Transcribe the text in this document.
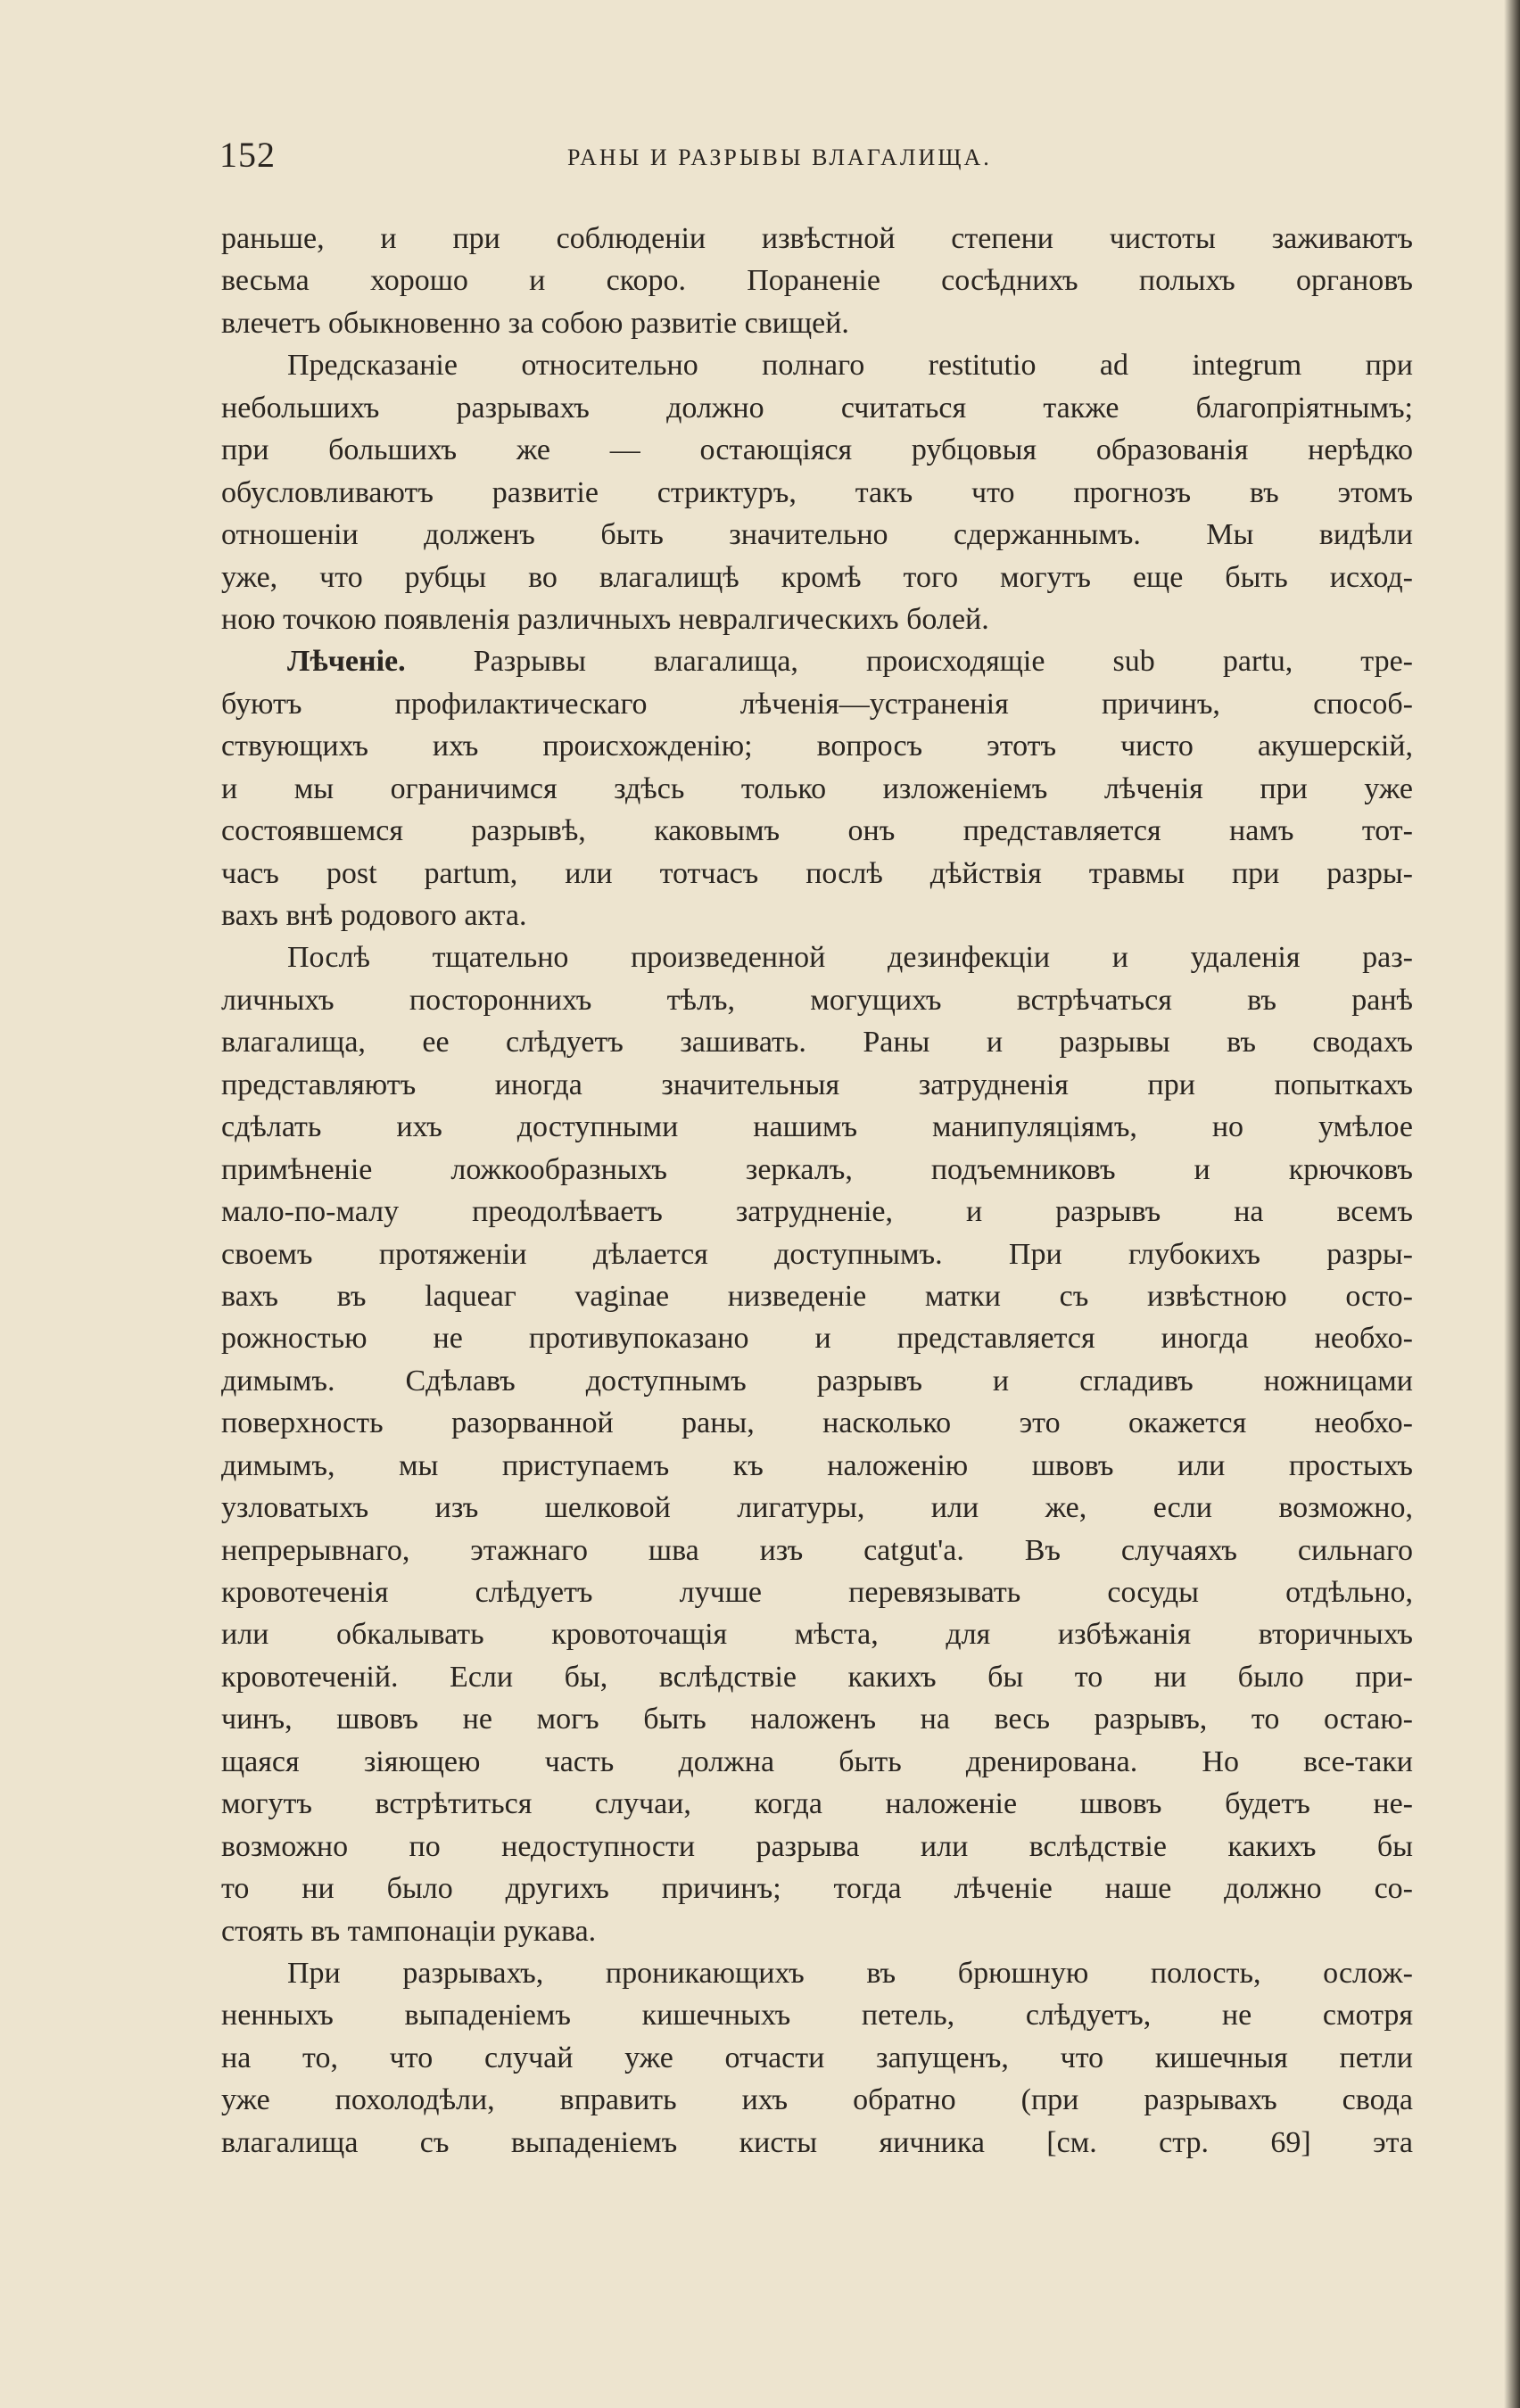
152	РАНЫ И РАЗРЫВЫ ВЛАГАЛИЩА.
раньше, и при соблюденіи извѣстной степени чистоты заживаютъ
весьма хорошо и скоро. Пораненіе сосѣднихъ полыхъ органовъ
влечетъ обыкновенно за собою развитіе свищей.
Предсказаніе относительно полнаго restitutio ad integrum при
небольшихъ разрывахъ должно считаться также благопріятнымъ;
при большихъ же — остающіяся рубцовыя образованія нерѣдко
обусловливаютъ развитіе стриктуръ, такъ что прогнозъ въ этомъ
отношеніи долженъ быть значительно сдержаннымъ. Мы видѣли
уже, что рубцы во влагалищѣ кромѣ того могутъ еще быть исход-
ною точкою появленія различныхъ невралгическихъ болей.
Лѣченіе. Разрывы влагалища, происходящіе sub partu, тре-
буютъ профилактическаго лѣченія—устраненія причинъ, способ-
ствующихъ ихъ происхожденію; вопросъ этотъ чисто акушерскій,
и мы ограничимся здѣсь только изложеніемъ лѣченія при уже
состоявшемся разрывѣ, каковымъ онъ представляется намъ тот-
часъ post partum, или тотчасъ послѣ дѣйствія травмы при разры-
вахъ внѣ родового акта.
Послѣ тщательно произведенной дезинфекціи и удаленія раз-
личныхъ постороннихъ тѣлъ, могущихъ встрѣчаться въ ранѣ
влагалища, ее слѣдуетъ зашивать. Раны и разрывы въ сводахъ
представляютъ иногда значительныя затрудненія при попыткахъ
сдѣлать ихъ доступными нашимъ манипуляціямъ, но умѣлое
примѣненіе ложкообразныхъ зеркалъ, подъемниковъ и крючковъ
мало-по-малу преодолѣваетъ затрудненіе, и разрывъ на всемъ
своемъ протяженіи дѣлается доступнымъ. При глубокихъ разры-
вахъ въ laqueаг vaginae низведеніе матки съ извѣстною осто-
рожностью не противупоказано и представляется иногда необхо-
димымъ. Сдѣлавъ доступнымъ разрывъ и сгладивъ ножницами
поверхность разорванной раны, насколько это окажется необхо-
димымъ, мы приступаемъ къ наложенію швовъ или простыхъ
узловатыхъ изъ шелковой лигатуры, или же, если возможно,
непрерывнаго, этажнаго шва изъ catgut'а. Въ случаяхъ сильнаго
кровотеченія слѣдуетъ лучше перевязывать сосуды отдѣльно,
или обкалывать кровоточащія мѣста, для избѣжанія вторичныхъ
кровотеченій. Если бы, вслѣдствіе какихъ бы то ни было при-
чинъ, швовъ не могъ быть наложенъ на весь разрывъ, то остаю-
щаяся зіяющею часть должна быть дренирована. Но все-таки
могутъ встрѣтиться случаи, когда наложеніе швовъ будетъ не-
возможно по недоступности разрыва или вслѣдствіе какихъ бы
то ни было другихъ причинъ; тогда лѣченіе наше должно со-
стоять въ тампонаціи рукава.
При разрывахъ, проникающихъ въ брюшную полость, ослож-
ненныхъ выпаденіемъ кишечныхъ петель, слѣдуетъ, не смотря
на то, что случай уже отчасти запущенъ, что кишечныя петли
уже похолодѣли, вправить ихъ обратно (при разрывахъ свода
влагалища съ выпаденіемъ кисты яичника [см. стр. 69] эта
